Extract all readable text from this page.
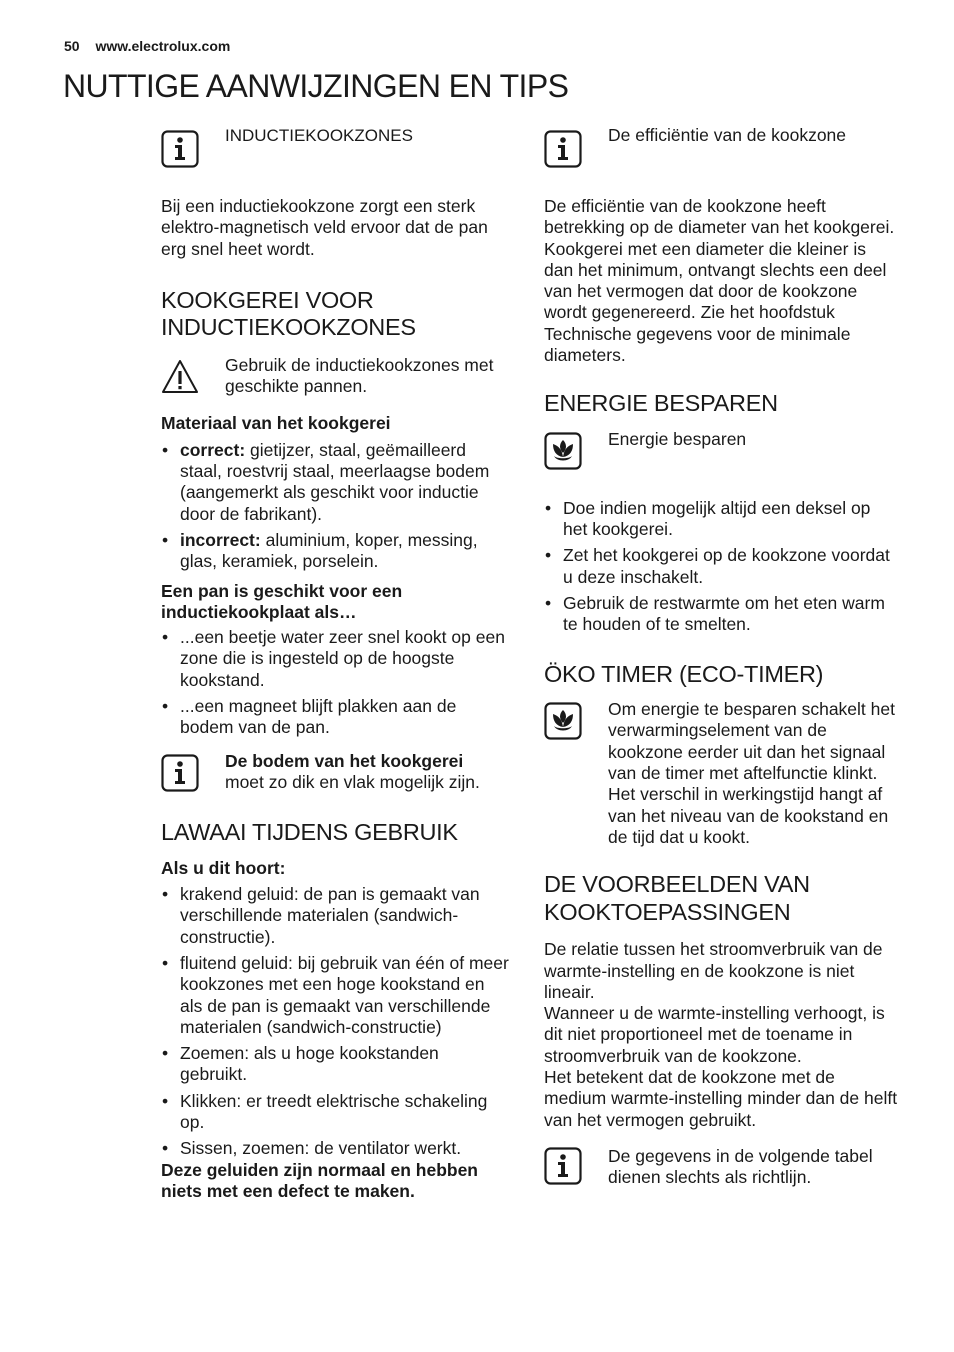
50 www.electrolux.com
NUTTIGE AANWIJZINGEN EN TIPS
INDUCTIEKOOKZONES

Bij een inductiekookzone zorgt een sterk elektro-magnetisch veld ervoor dat de pan erg snel heet wordt.

KOOKGEREI VOOR INDUCTIEKOOKZONES
Gebruik de inductiekookzones met geschikte pannen.

Materiaal van het kookgerei

• correct: gietijzer, staal, geëmailleerd staal, roestvrij staal, meerlaagse bodem (aangemerkt als geschikt voor inductie door de fabrikant).
• incorrect: aluminium, koper, messing, glas, keramiek, porselein.

Een pan is geschikt voor een inductiekookplaat als…

• ...een beetje water zeer snel kookt op een zone die is ingesteld op de hoogste kookstand.
• ...een magneet blijft plakken aan de bodem van de pan.
De bodem van het kookgerei
moet zo dik en vlak mogelijk zijn.
LAWAAI TIJDENS GEBRUIK

Als u dit hoort:

• krakend geluid: de pan is gemaakt van verschillende materialen (sandwich-constructie).
• fluitend geluid: bij gebruik van één of meer kookzones met een hoge kookstand en als de pan is gemaakt van verschillende materialen (sandwich-constructie)
• Zoemen: als u hoge kookstanden gebruikt.
• Klikken: er treedt elektrische schakeling op.
• Sissen, zoemen: de ventilator werkt.

Deze geluiden zijn normaal en hebben niets met een defect te maken.

De efficiëntie van de kookzone

De efficiëntie van de kookzone heeft betrekking op de diameter van het kookgerei. Kookgerei met een diameter die kleiner is dan het minimum, ontvangt slechts een deel van het vermogen dat door de kookzone wordt gegenereerd. Zie het hoofdstuk Technische gegevens voor de minimale diameters.

ENERGIE BESPAREN
Energie besparen
• Doe indien mogelijk altijd een deksel op het kookgerei.
• Zet het kookgerei op de kookzone voordat u deze inschakelt.
• Gebruik de restwarmte om het eten warm te houden of te smelten.
ÖKO TIMER (ECO-TIMER)
Om energie te besparen schakelt het verwarmingselement van de kookzone eerder uit dan het signaal van de timer met aftelfunctie klinkt. Het verschil in werkingstijd hangt af van het niveau van de kookstand en de tijd dat u kookt.
DE VOORBEELDEN VAN KOOKTOEPASSINGEN

De relatie tussen het stroomverbruik van de warmte-instelling en de kookzone is niet lineair.

Wanneer u de warmte-instelling verhoogt, is dit niet proportioneel met de toename in stroomverbruik van de kookzone.

Het betekent dat de kookzone met de medium warmte-instelling minder dan de helft van het vermogen gebruikt.

De gegevens in de volgende tabel dienen slechts als richtlijn.
